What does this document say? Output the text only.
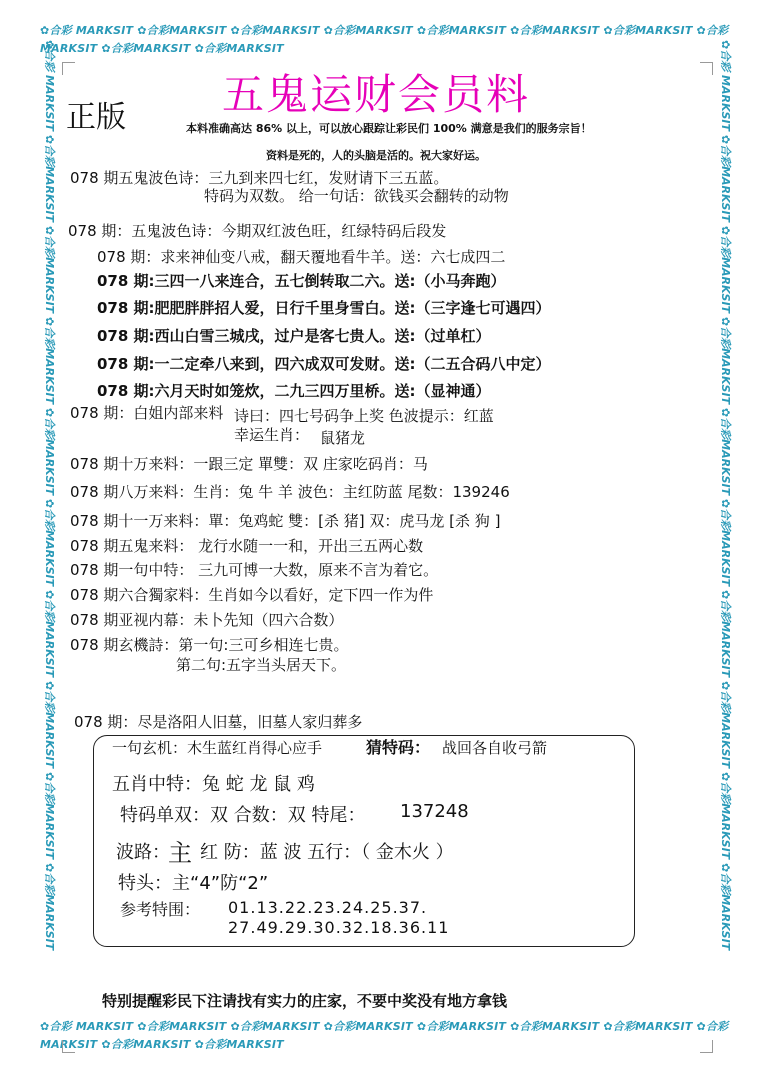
✿合彩 MARKSIT ✿合彩MARKSIT ✿合彩MARKSIT ✿合彩MARKSIT ✿合彩MARKSIT ✿合彩MARKSIT ✿合彩MARKSIT ✿合彩MARKSIT ✿合彩MARKSIT ✿合彩MARKSIT
✿合彩 MARKSIT ✿合彩MARKSIT ✿合彩MARKSIT ✿合彩MARKSIT ✿合彩MARKSIT ✿合彩MARKSIT ✿合彩MARKSIT ✿合彩MARKSIT ✿合彩MARKSIT ✿合彩MARKSIT
✿合彩 MARKSIT ✿合彩MARKSIT ✿合彩MARKSIT ✿合彩MARKSIT ✿合彩MARKSIT ✿合彩MARKSIT ✿合彩MARKSIT ✿合彩MARKSIT ✿合彩MARKSIT ✿合彩MARKSIT	✿合彩 MARKSIT ✿合彩MARKSIT ✿合彩MARKSIT ✿合彩MARKSIT ✿合彩MARKSIT ✿合彩MARKSIT ✿合彩MARKSIT ✿合彩MARKSIT ✿合彩MARKSIT ✿合彩MARKSIT
正版 五鬼运财会员料
本料准确高达 86% 以上，可以放心跟踪让彩民们 100% 满意是我们的服务宗旨！
资料是死的，人的头脑是活的。祝大家好运。
078 期五鬼波色诗：三九到来四七红，发财请下三五蓝。
特码为双数。 给一句话：欲钱买会翻转的动物
078 期：五鬼波色诗：今期双红波色旺，红绿特码后段发
078 期：求来神仙变八戒，翻天覆地看牛羊。送：六七成四二
078 期:三四一八来连合，五七倒转取二六。送:（小马奔跑）
078 期:肥肥胖胖招人爱，日行千里身雪白。送:（三字逢七可遇四）
078 期:西山白雪三城戌，过户是客七贵人。送:（过单杠）
078 期:一二定牵八来到，四六成双可发财。送:（二五合码八中定）
078 期:六月天时如笼炊，二九三四万里桥。送:（显神通）
078 期：白姐内部来料 诗曰：四七号码争上奖 色波提示：红蓝
幸运生肖： 鼠猪龙
078 期十万来料：一跟三定 單雙：双 庄家吃码肖：马
078 期八万来料：生肖：兔 牛 羊 波色：主红防蓝 尾数：139246
078 期十一万来料：單：兔鸡蛇 雙：[杀 猪] 双：虎马龙 [杀 狗 ]
078 期五鬼来料： 龙行水随一一和，开出三五两心数
078 期一句中特： 三九可博一大数，原来不言为着它。
078 期六合獨家料：生肖如今以看好，定下四一作为件
078 期亚视内幕：未卜先知（四六合数）
078 期玄機詩：第一句:三可乡相连七贵。
第二句:五字当头居天下。
078 期：尽是洛阳人旧墓，旧墓人家归葬多
一句玄机：木生蓝红肖得心应手	猜特码： 战回各自收弓箭
五肖中特：兔 蛇 龙 鼠 鸡
特码单双：双 合数：双 特尾： 137248
波路：
主 红 防：蓝 波 五行：（ 金木火 ）
特头：主“4”防“2”
参考特围： 01.13.22.23.24.25.37.
27.49.29.30.32.18.36.11
特别提醒彩民下注请找有实力的庄家，不要中奖没有地方拿钱
